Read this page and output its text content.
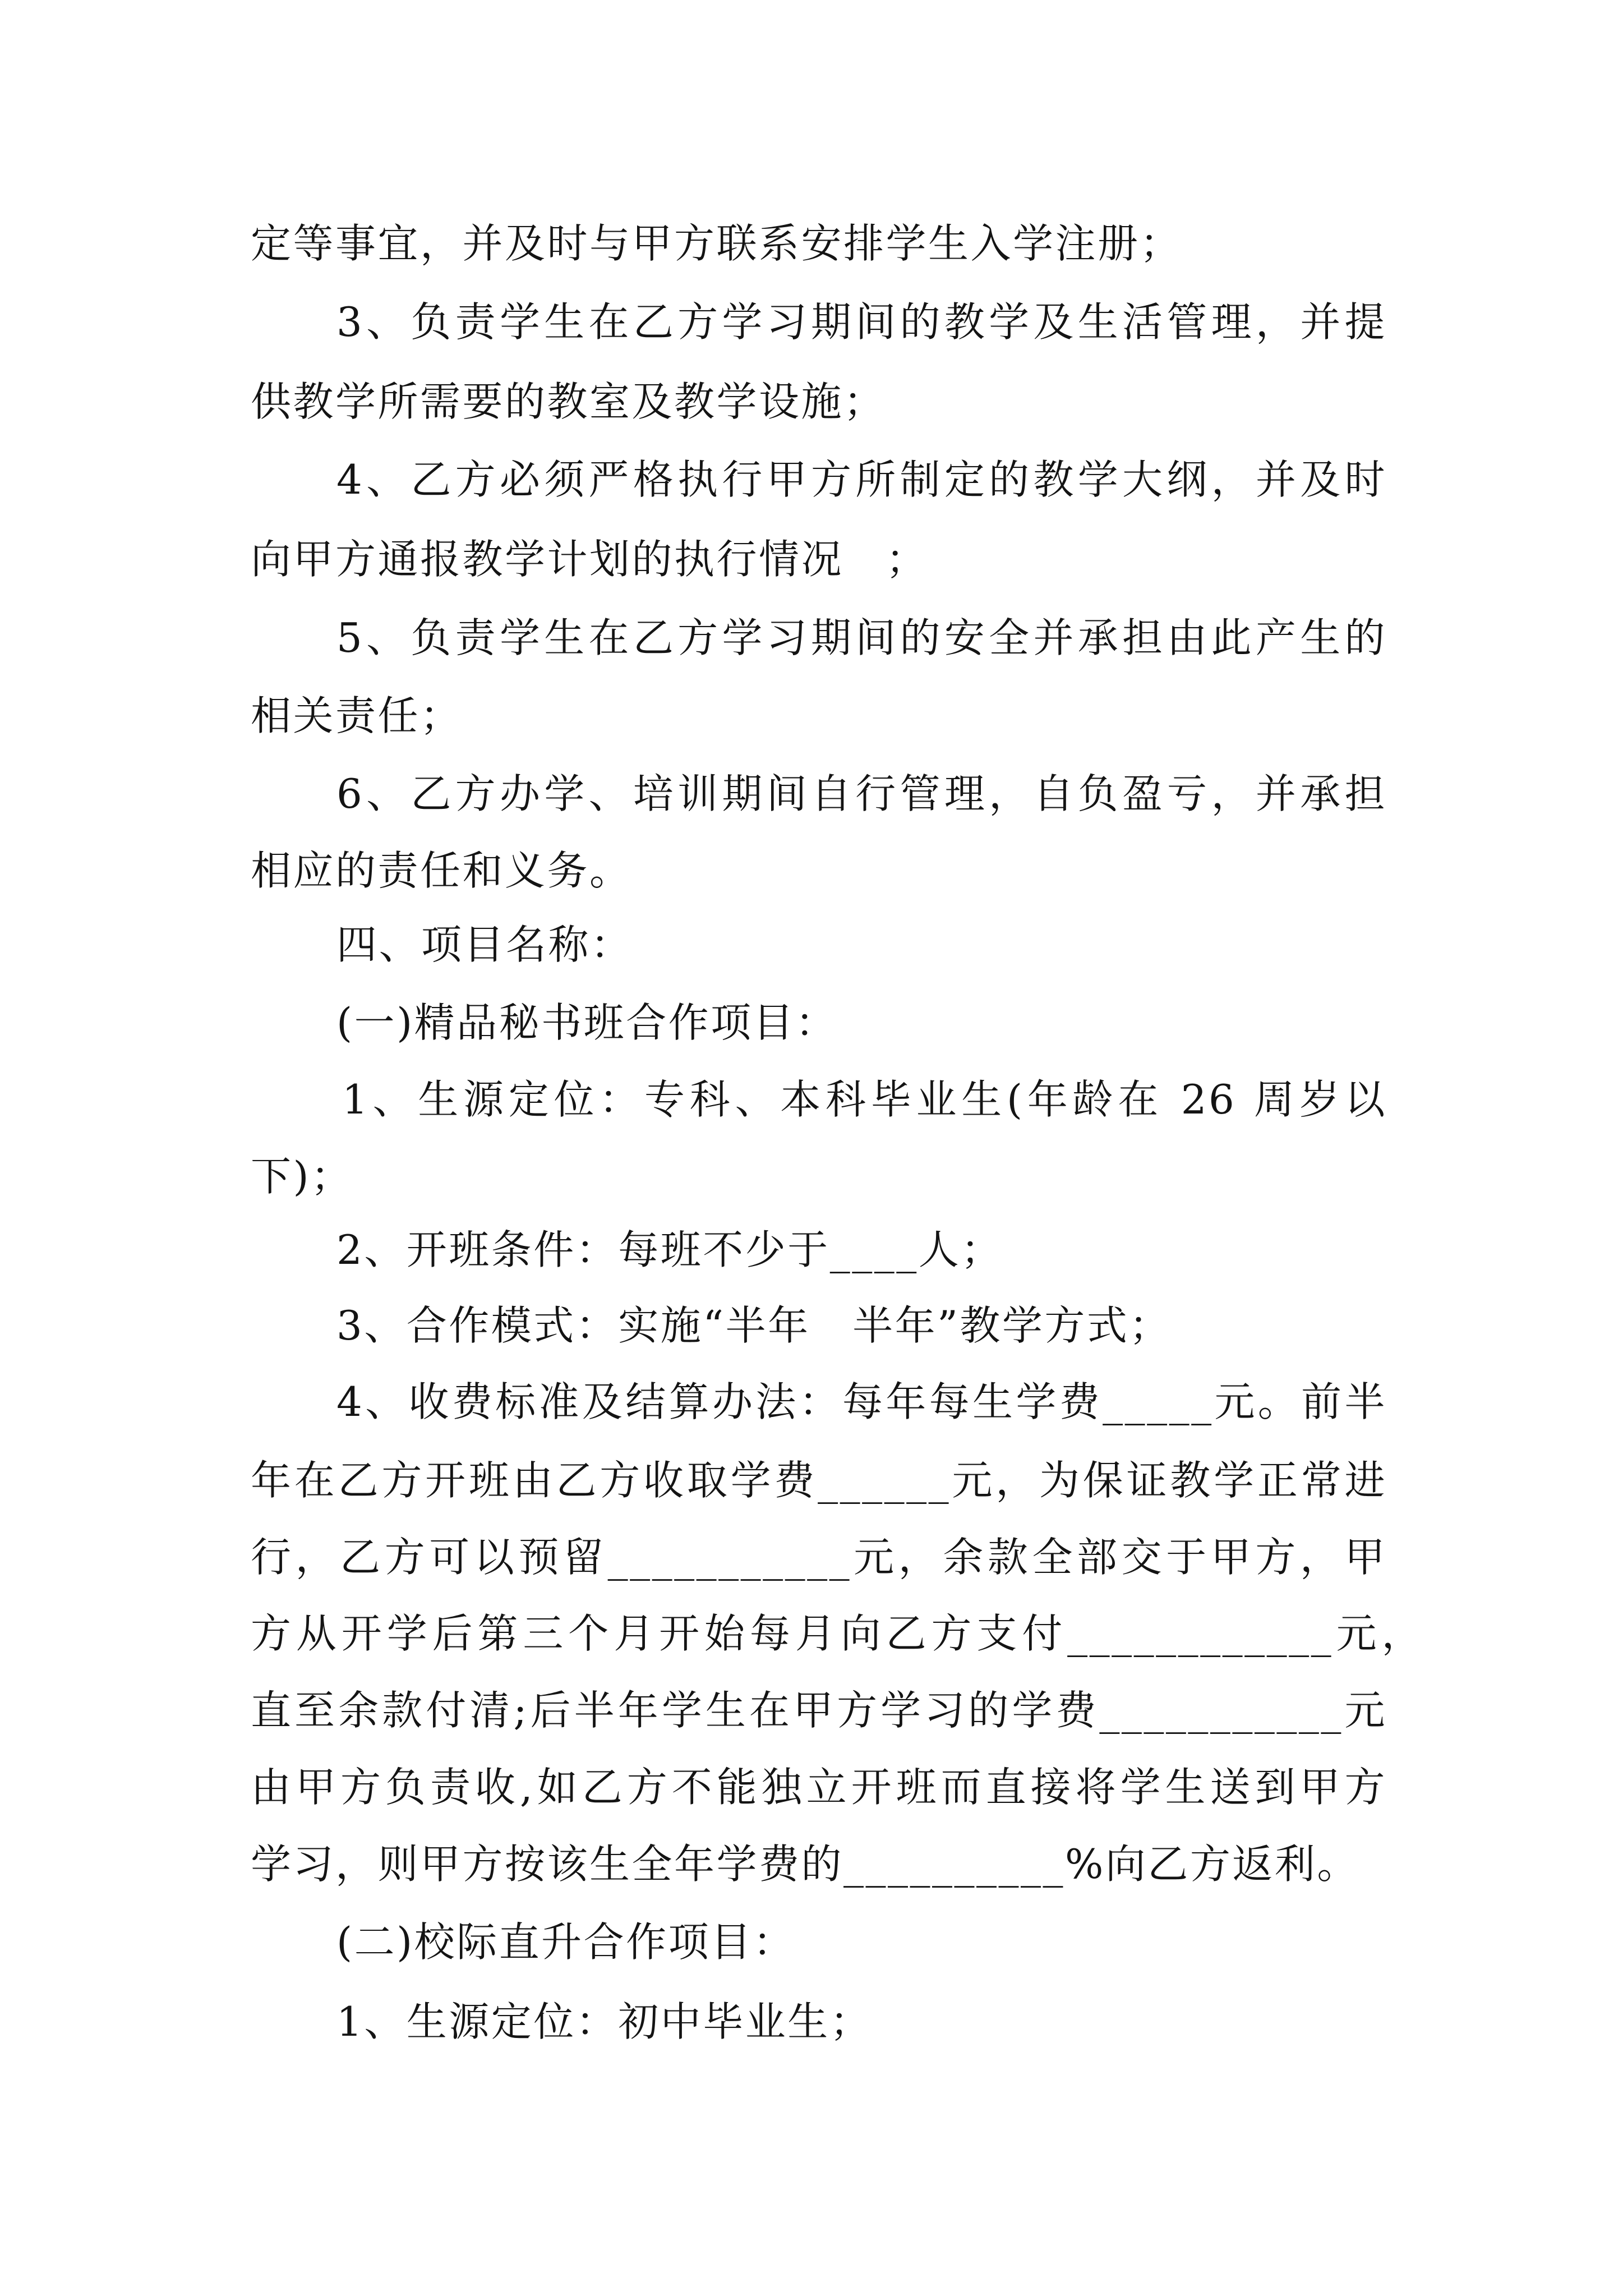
定等事宜，并及时与甲方联系安排学生入学注册；
3、负责学生在乙方学习期间的教学及生活管理，并提
供教学所需要的教室及教学设施；
4、乙方必须严格执行甲方所制定的教学大纲，并及时
向甲方通报教学计划的执行情况　；
5、负责学生在乙方学习期间的安全并承担由此产生的
相关责任；
6、乙方办学、培训期间自行管理，自负盈亏，并承担
相应的责任和义务。
四、项目名称：
(一)精品秘书班合作项目：
1、生源定位：专科、本科毕业生(年龄在 26 周岁以
下)；
2、开班条件：每班不少于____人；
3、合作模式：实施“半年　半年”教学方式；
4、收费标准及结算办法：每年每生学费_____元。前半
年在乙方开班由乙方收取学费______元，为保证教学正常进
行，乙方可以预留___________元，余款全部交于甲方，甲
方从开学后第三个月开始每月向乙方支付____________元，
直至余款付清;后半年学生在甲方学习的学费___________元
由甲方负责收,如乙方不能独立开班而直接将学生送到甲方
学习，则甲方按该生全年学费的__________%向乙方返利。
(二)校际直升合作项目：
1、生源定位：初中毕业生；
